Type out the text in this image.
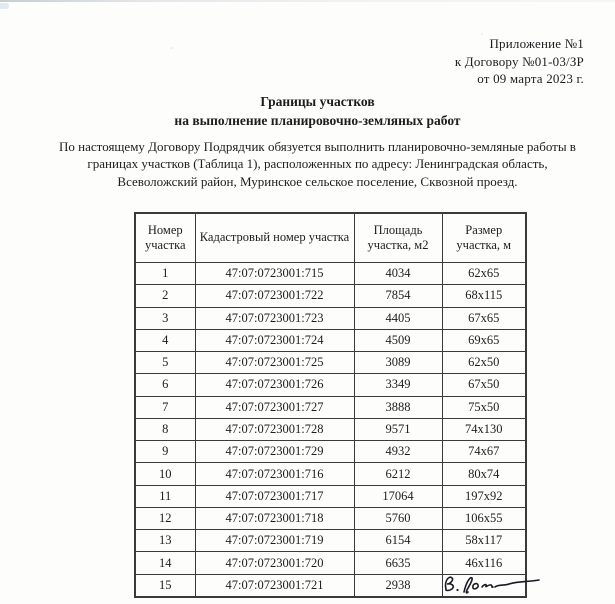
Приложение №1
к Договору №01-03/ЗР
от 09 марта 2023 г.
Границы участков
на выполнение планировочно-земляных работ

По настоящему Договору Подрядчик обязуется выполнить планировочно-земляные работы в границах участков (Таблица 1), расположенных по адресу: Ленинградская область, Всеволожский район, Муринское сельское поселение, Сквозной проезд.

Номер участка	Кадастровый номер участка	Площадь участка, м2	Размер участка, м
1	47:07:0723001:715	4034	62x65
2	47:07:0723001:722	7854	68x115
3	47:07:0723001:723	4405	67x65
4	47:07:0723001:724	4509	69x65
5	47:07:0723001:725	3089	62x50
6	47:07:0723001:726	3349	67x50
7	47:07:0723001:727	3888	75x50
8	47:07:0723001:728	9571	74x130
9	47:07:0723001:729	4932	74x67
10	47:07:0723001:716	6212	80x74
11	47:07:0723001:717	17064	197x92
12	47:07:0723001:718	5760	106x55
13	47:07:0723001:719	6154	58x117
14	47:07:0723001:720	6635	46x116
15	47:07:0723001:721	2938	
